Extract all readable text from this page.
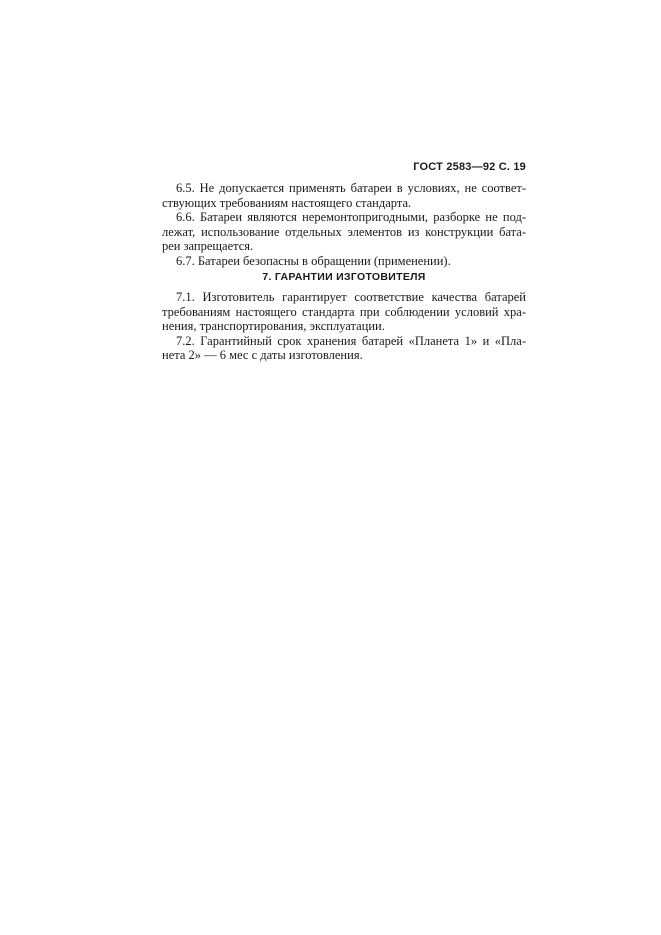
ГОСТ 2583—92 С. 19
6.5. Не допускается применять батареи в условиях, не соответ-
ствующих требованиям настоящего стандарта.
6.6. Батареи являются неремонтопригодными, разборке не под-
лежат, использование отдельных элементов из конструкции бата-
реи запрещается.
6.7. Батареи безопасны в обращении (применении).
7. ГАРАНТИИ ИЗГОТОВИТЕЛЯ
7.1. Изготовитель гарантирует соответствие качества батарей
требованиям настоящего стандарта при соблюдении условий хра-
нения, транспортирования, эксплуатации.
7.2. Гарантийный срок хранения батарей «Планета 1» и «Пла-
нета 2» — 6 мес с даты изготовления.
